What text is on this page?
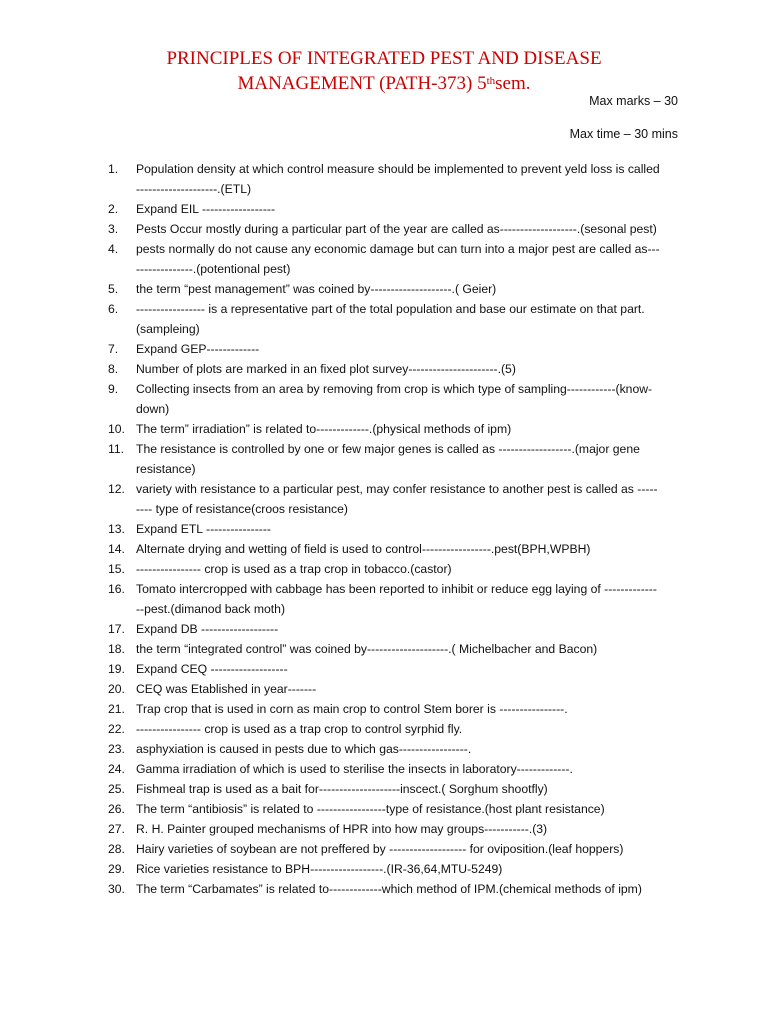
PRINCIPLES OF INTEGRATED PEST AND DISEASE
MANAGEMENT (PATH-373) 5thsem.
Max marks – 30
Max time – 30 mins
1.	Population density at which control measure should be implemented to prevent yeld loss is called --------------------.(ETL)
2.	Expand EIL ------------------
3.	Pests Occur mostly during a particular part of the year are called as-------------------.(sesonal pest)
4.	pests normally do not cause any economic damage but can turn into a major pest are called as-----------------.(potentional pest)
5.	the term “pest management” was coined by--------------------.( Geier)
6.	----------------- is a representative part of the total population and base our estimate on that part.(sampleing)
7.	Expand GEP-------------
8.	Number of plots are marked in an fixed plot survey----------------------.(5)
9.	Collecting insects from an area by removing from crop is which type of sampling------------(know-down)
10. The term” irradiation” is related to-------------.(physical methods of ipm)
11. The resistance is controlled by one or few major genes is called as ------------------.(major gene resistance)
12. variety with resistance to a particular pest, may confer resistance to another pest is called as --------- type of resistance(croos resistance)
13. Expand ETL ----------------
14. Alternate drying and wetting of field is used to control-----------------.pest(BPH,WPBH)
15. ---------------- crop is used as a trap crop in tobacco.(castor)
16. Tomato intercropped with cabbage has been reported to inhibit or reduce egg laying of ---------------pest.(dimanod back moth)
17. Expand DB -------------------
18. the term “integrated control” was coined by--------------------.( Michelbacher and Bacon)
19. Expand CEQ -------------------
20. CEQ was Etablished in year-------
21. Trap crop that is used in corn as main crop to control Stem borer is ----------------.
22. ---------------- crop is used as a trap crop to control syrphid fly.
23. asphyxiation is caused in pests due to which gas-----------------.
24. Gamma irradiation of which is used to sterilise the insects in laboratory-------------.
25. Fishmeal trap is used as a bait for--------------------inscect.( Sorghum shootfly)
26. The term “antibiosis” is related to -----------------type of resistance.(host plant resistance)
27. R. H. Painter grouped mechanisms of HPR into how may groups-----------.(3)
28. Hairy varieties of soybean are not preffered by ------------------- for oviposition.(leaf hoppers)
29. Rice varieties resistance to BPH------------------.(IR-36,64,MTU-5249)
30. The term “Carbamates” is related to-------------which method of IPM.(chemical methods of ipm)
